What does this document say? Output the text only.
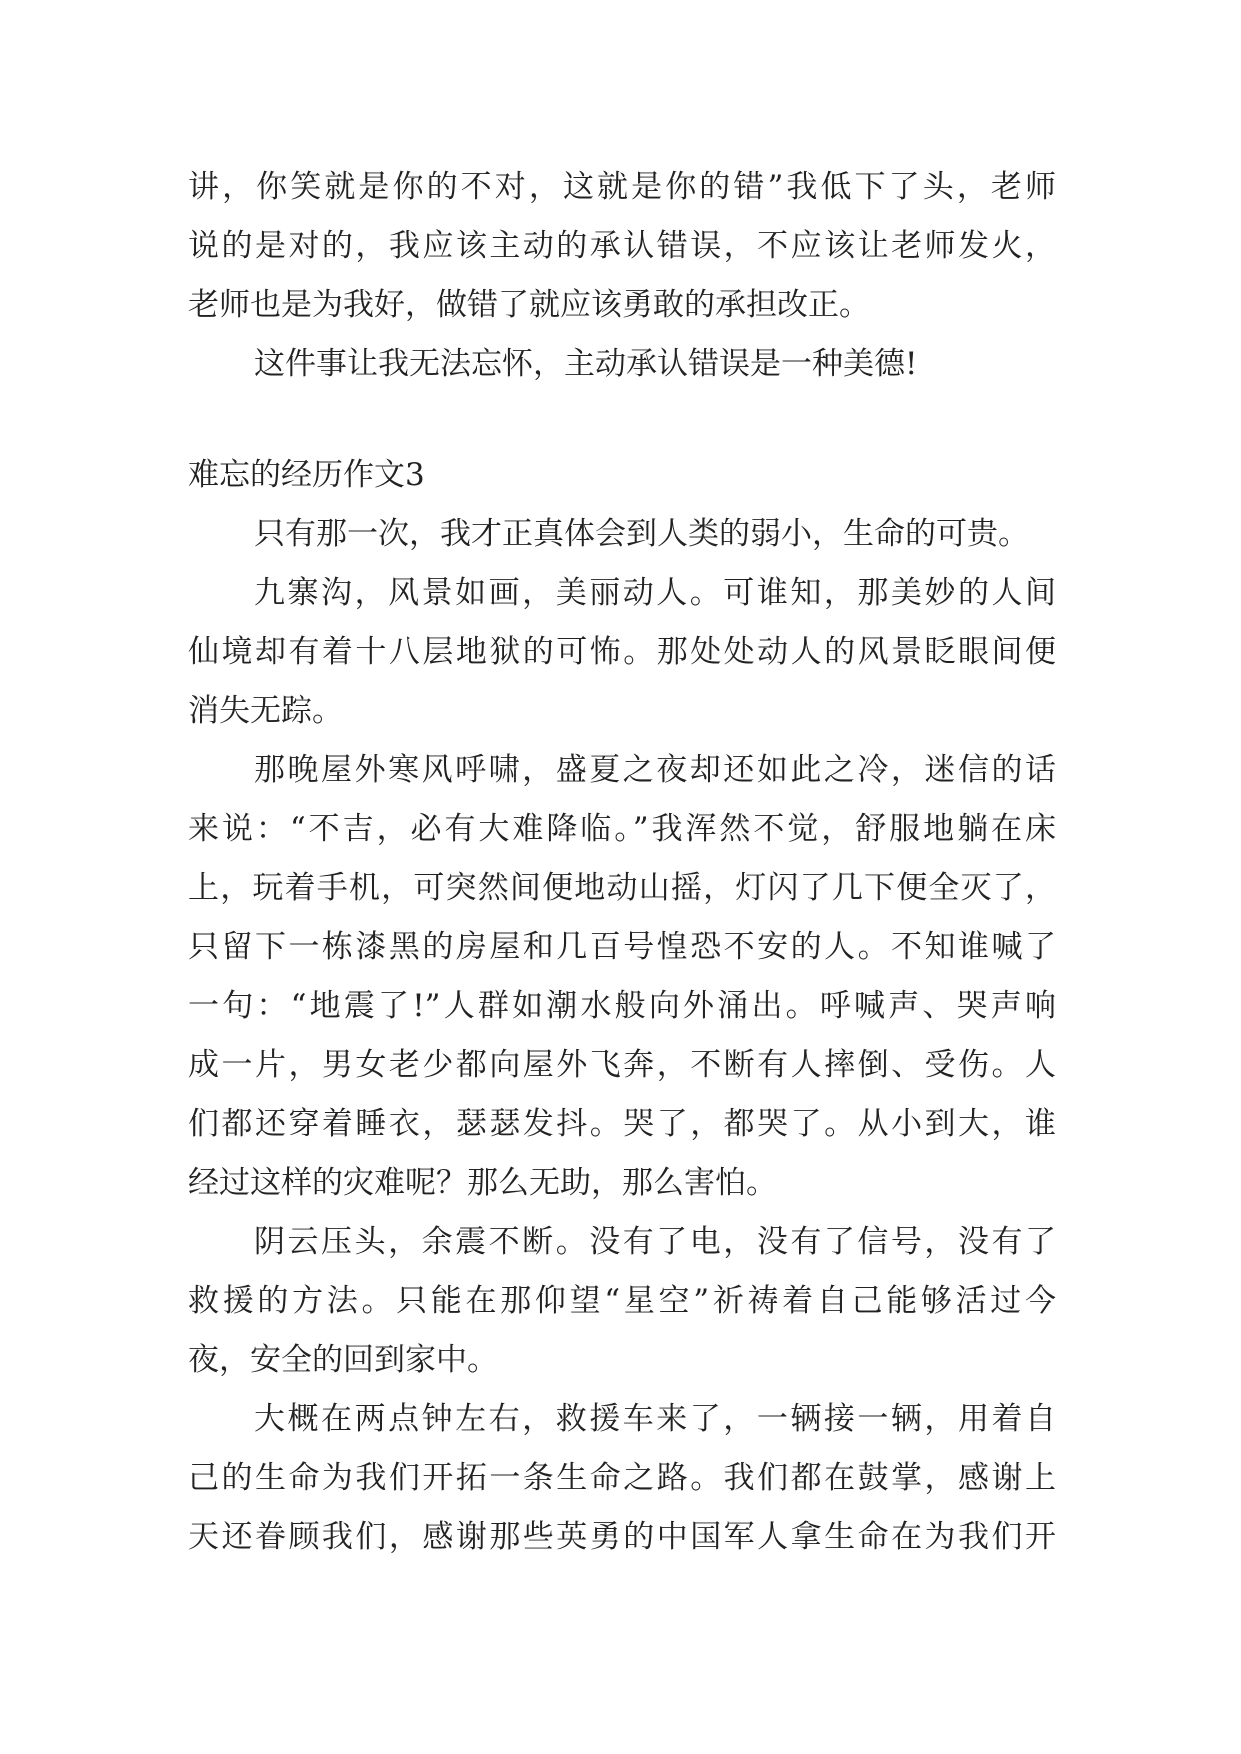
讲，你笑就是你的不对，这就是你的错”我低下了头，老师
说的是对的，我应该主动的承认错误，不应该让老师发火，
老师也是为我好，做错了就应该勇敢的承担改正。
这件事让我无法忘怀，主动承认错误是一种美德!
难忘的经历作文3
只有那一次，我才正真体会到人类的弱小，生命的可贵。
九寨沟，风景如画，美丽动人。可谁知，那美妙的人间
仙境却有着十八层地狱的可怖。那处处动人的风景眨眼间便
消失无踪。
那晚屋外寒风呼啸，盛夏之夜却还如此之冷，迷信的话
来说：“不吉，必有大难降临。”我浑然不觉，舒服地躺在床
上，玩着手机，可突然间便地动山摇，灯闪了几下便全灭了，
只留下一栋漆黑的房屋和几百号惶恐不安的人。不知谁喊了
一句：“地震了!”人群如潮水般向外涌出。呼喊声、哭声响
成一片，男女老少都向屋外飞奔，不断有人摔倒、受伤。人
们都还穿着睡衣，瑟瑟发抖。哭了，都哭了。从小到大，谁
经过这样的灾难呢？那么无助，那么害怕。
阴云压头，余震不断。没有了电，没有了信号，没有了
救援的方法。只能在那仰望“星空”祈祷着自己能够活过今
夜，安全的回到家中。
大概在两点钟左右，救援车来了，一辆接一辆，用着自
己的生命为我们开拓一条生命之路。我们都在鼓掌，感谢上
天还眷顾我们，感谢那些英勇的中国军人拿生命在为我们开
